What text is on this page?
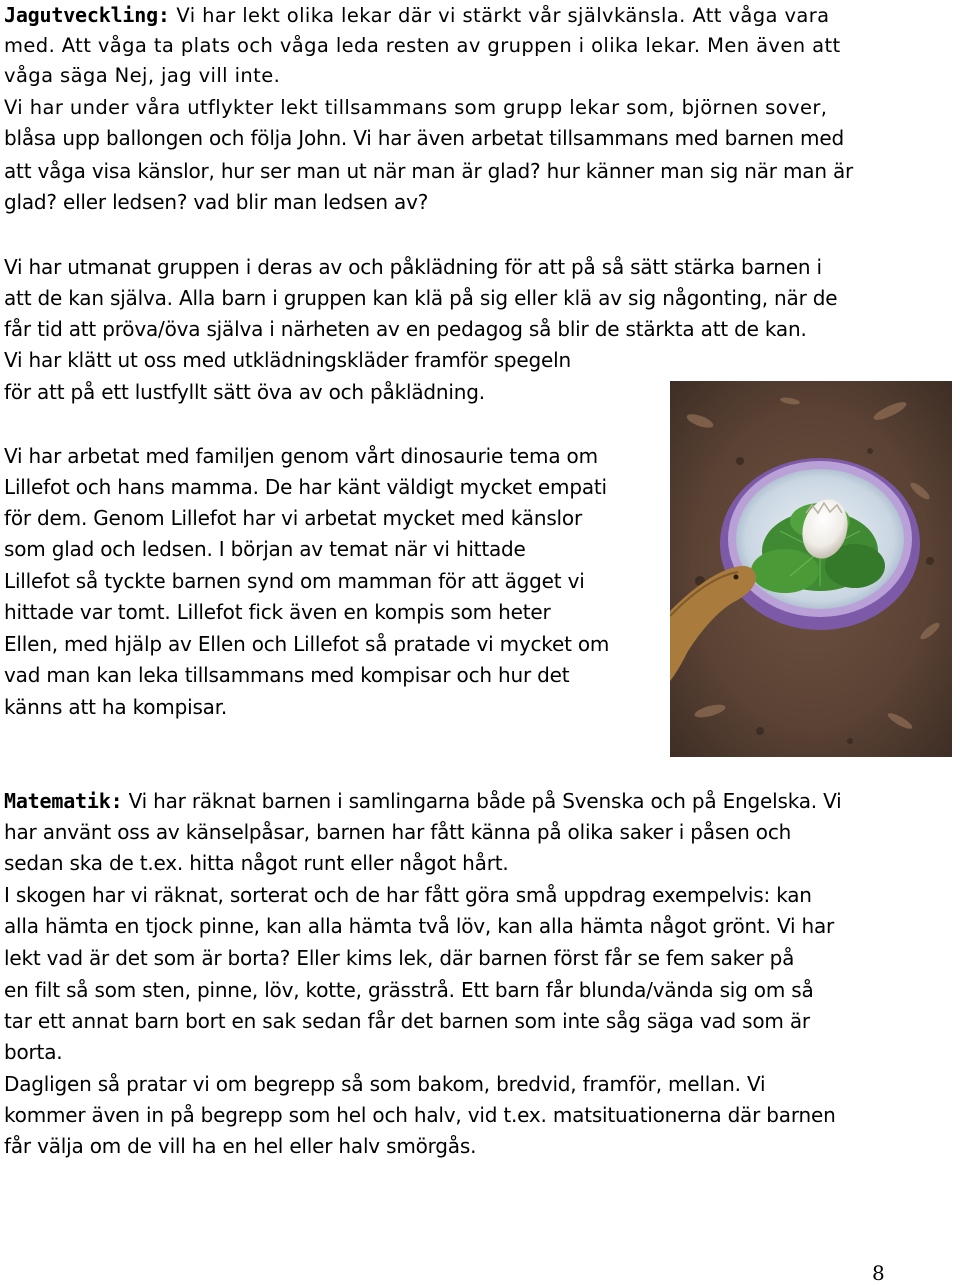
Jagutveckling: Vi har lekt olika lekar där vi stärkt vår självkänsla. Att våga vara
med. Att våga ta plats och våga leda resten av gruppen i olika lekar. Men även att
våga säga Nej, jag vill inte.
Vi har under våra utflykter lekt tillsammans som grupp lekar som, björnen sover,
blåsa upp ballongen och följa John. Vi har även arbetat tillsammans med barnen med
att våga visa känslor, hur ser man ut när man är glad? hur känner man sig när man är
glad? eller ledsen? vad blir man ledsen av?
Vi har utmanat gruppen i deras av och påklädning för att på så sätt stärka barnen i
att de kan själva. Alla barn i gruppen kan klä på sig eller klä av sig någonting, när de
får tid att pröva/öva själva i närheten av en pedagog så blir de stärkta att de kan.
Vi har klätt ut oss med utklädningskläder framför spegeln
för att på ett lustfyllt sätt öva av och påklädning.
Vi har arbetat med familjen genom vårt dinosaurie tema om
Lillefot och hans mamma. De har känt väldigt mycket empati
för dem. Genom Lillefot har vi arbetat mycket med känslor
som glad och ledsen. I början av temat när vi hittade
Lillefot så tyckte barnen synd om mamman för att ägget vi
hittade var tomt. Lillefot fick även en kompis som heter
Ellen, med hjälp av Ellen och Lillefot så pratade vi mycket om
vad man kan leka tillsammans med kompisar och hur det
känns att ha kompisar.
Matematik: Vi har räknat barnen i samlingarna både på Svenska och på Engelska. Vi
har använt oss av känselpåsar, barnen har fått känna på olika saker i påsen och
sedan ska de t.ex. hitta något runt eller något hårt.
I skogen har vi räknat, sorterat och de har fått göra små uppdrag exempelvis: kan
alla hämta en tjock pinne, kan alla hämta två löv, kan alla hämta något grönt. Vi har
lekt vad är det som är borta? Eller kims lek, där barnen först får se fem saker på
en filt så som sten, pinne, löv, kotte, grässtrå. Ett barn får blunda/vända sig om så
tar ett annat barn bort en sak sedan får det barnen som inte såg säga vad som är
borta.
Dagligen så pratar vi om begrepp så som bakom, bredvid, framför, mellan. Vi
kommer även in på begrepp som hel och halv, vid t.ex. matsituationerna där barnen
får välja om de vill ha en hel eller halv smörgås.
8
